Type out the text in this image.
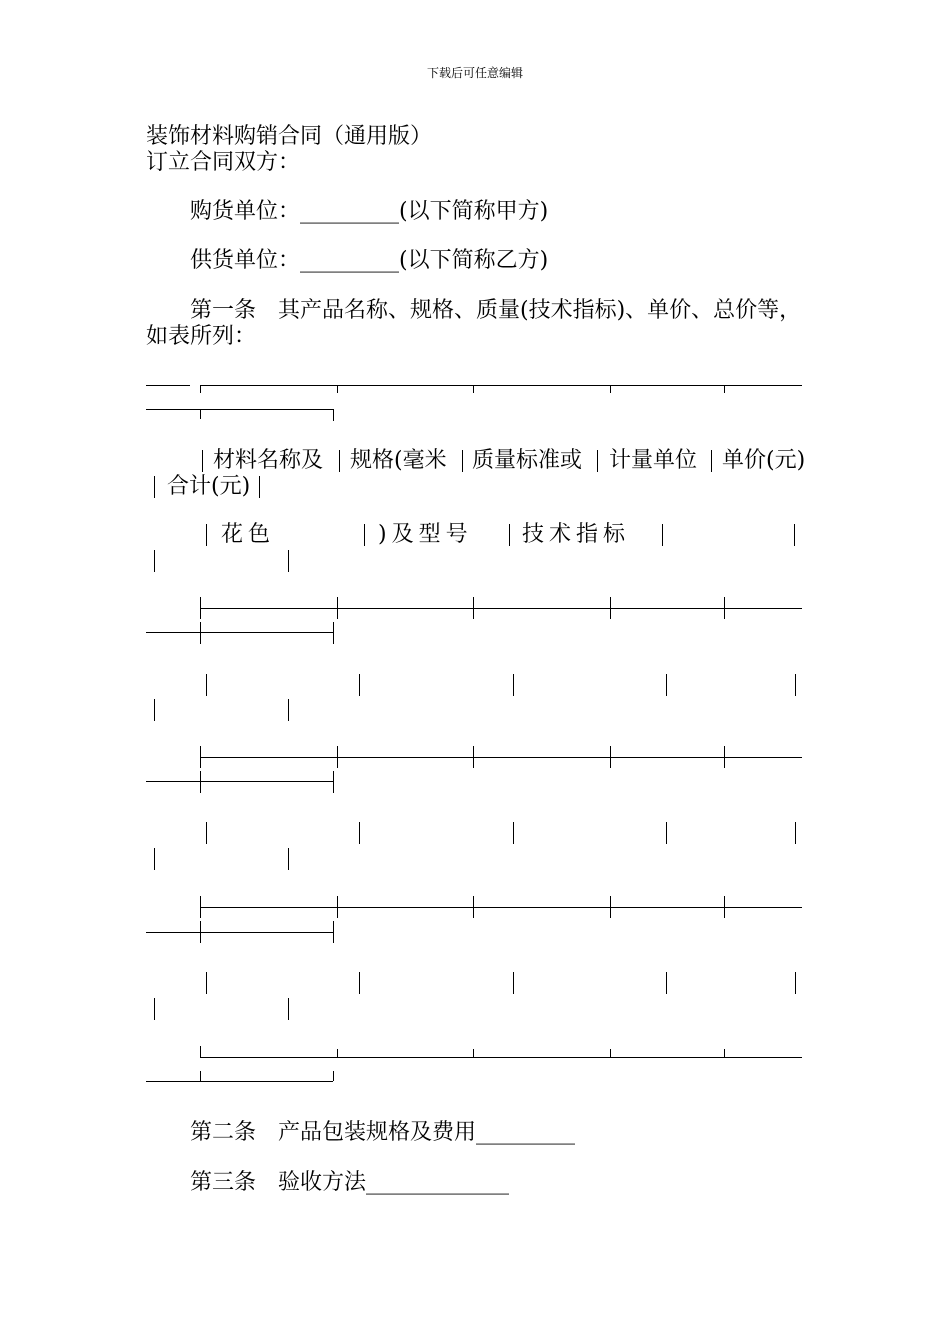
下载后可任意编辑
装饰材料购销合同（通用版）
订立合同双方：
购货单位：_________(以下简称甲方)
供货单位：_________(以下简称乙方)
第一条　其产品名称、规格、质量(技术指标)、单价、总价等，
如表所列：
材料名称及 规格(毫米 质量标准或 计量单位 单价(元)
合计(元)
花色	)及型号 技术指标
第二条　产品包装规格及费用_________
第三条　验收方法_____________
